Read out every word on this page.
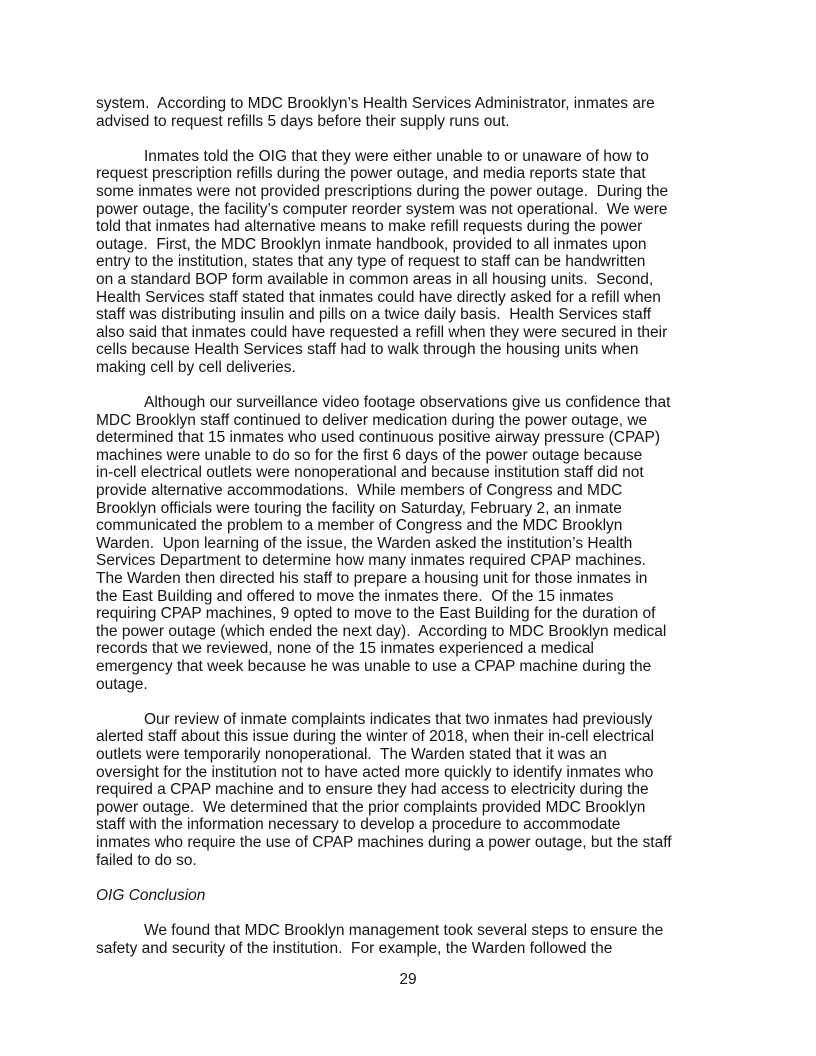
system.  According to MDC Brooklyn’s Health Services Administrator, inmates are
advised to request refills 5 days before their supply runs out.
Inmates told the OIG that they were either unable to or unaware of how to
request prescription refills during the power outage, and media reports state that
some inmates were not provided prescriptions during the power outage.  During the
power outage, the facility’s computer reorder system was not operational.  We were
told that inmates had alternative means to make refill requests during the power
outage.  First, the MDC Brooklyn inmate handbook, provided to all inmates upon
entry to the institution, states that any type of request to staff can be handwritten
on a standard BOP form available in common areas in all housing units.  Second,
Health Services staff stated that inmates could have directly asked for a refill when
staff was distributing insulin and pills on a twice daily basis.  Health Services staff
also said that inmates could have requested a refill when they were secured in their
cells because Health Services staff had to walk through the housing units when
making cell by cell deliveries.
Although our surveillance video footage observations give us confidence that
MDC Brooklyn staff continued to deliver medication during the power outage, we
determined that 15 inmates who used continuous positive airway pressure (CPAP)
machines were unable to do so for the first 6 days of the power outage because
in-cell electrical outlets were nonoperational and because institution staff did not
provide alternative accommodations.  While members of Congress and MDC
Brooklyn officials were touring the facility on Saturday, February 2, an inmate
communicated the problem to a member of Congress and the MDC Brooklyn
Warden.  Upon learning of the issue, the Warden asked the institution’s Health
Services Department to determine how many inmates required CPAP machines.
The Warden then directed his staff to prepare a housing unit for those inmates in
the East Building and offered to move the inmates there.  Of the 15 inmates
requiring CPAP machines, 9 opted to move to the East Building for the duration of
the power outage (which ended the next day).  According to MDC Brooklyn medical
records that we reviewed, none of the 15 inmates experienced a medical
emergency that week because he was unable to use a CPAP machine during the
outage.
Our review of inmate complaints indicates that two inmates had previously
alerted staff about this issue during the winter of 2018, when their in-cell electrical
outlets were temporarily nonoperational.  The Warden stated that it was an
oversight for the institution not to have acted more quickly to identify inmates who
required a CPAP machine and to ensure they had access to electricity during the
power outage.  We determined that the prior complaints provided MDC Brooklyn
staff with the information necessary to develop a procedure to accommodate
inmates who require the use of CPAP machines during a power outage, but the staff
failed to do so.
OIG Conclusion
We found that MDC Brooklyn management took several steps to ensure the
safety and security of the institution.  For example, the Warden followed the
29
